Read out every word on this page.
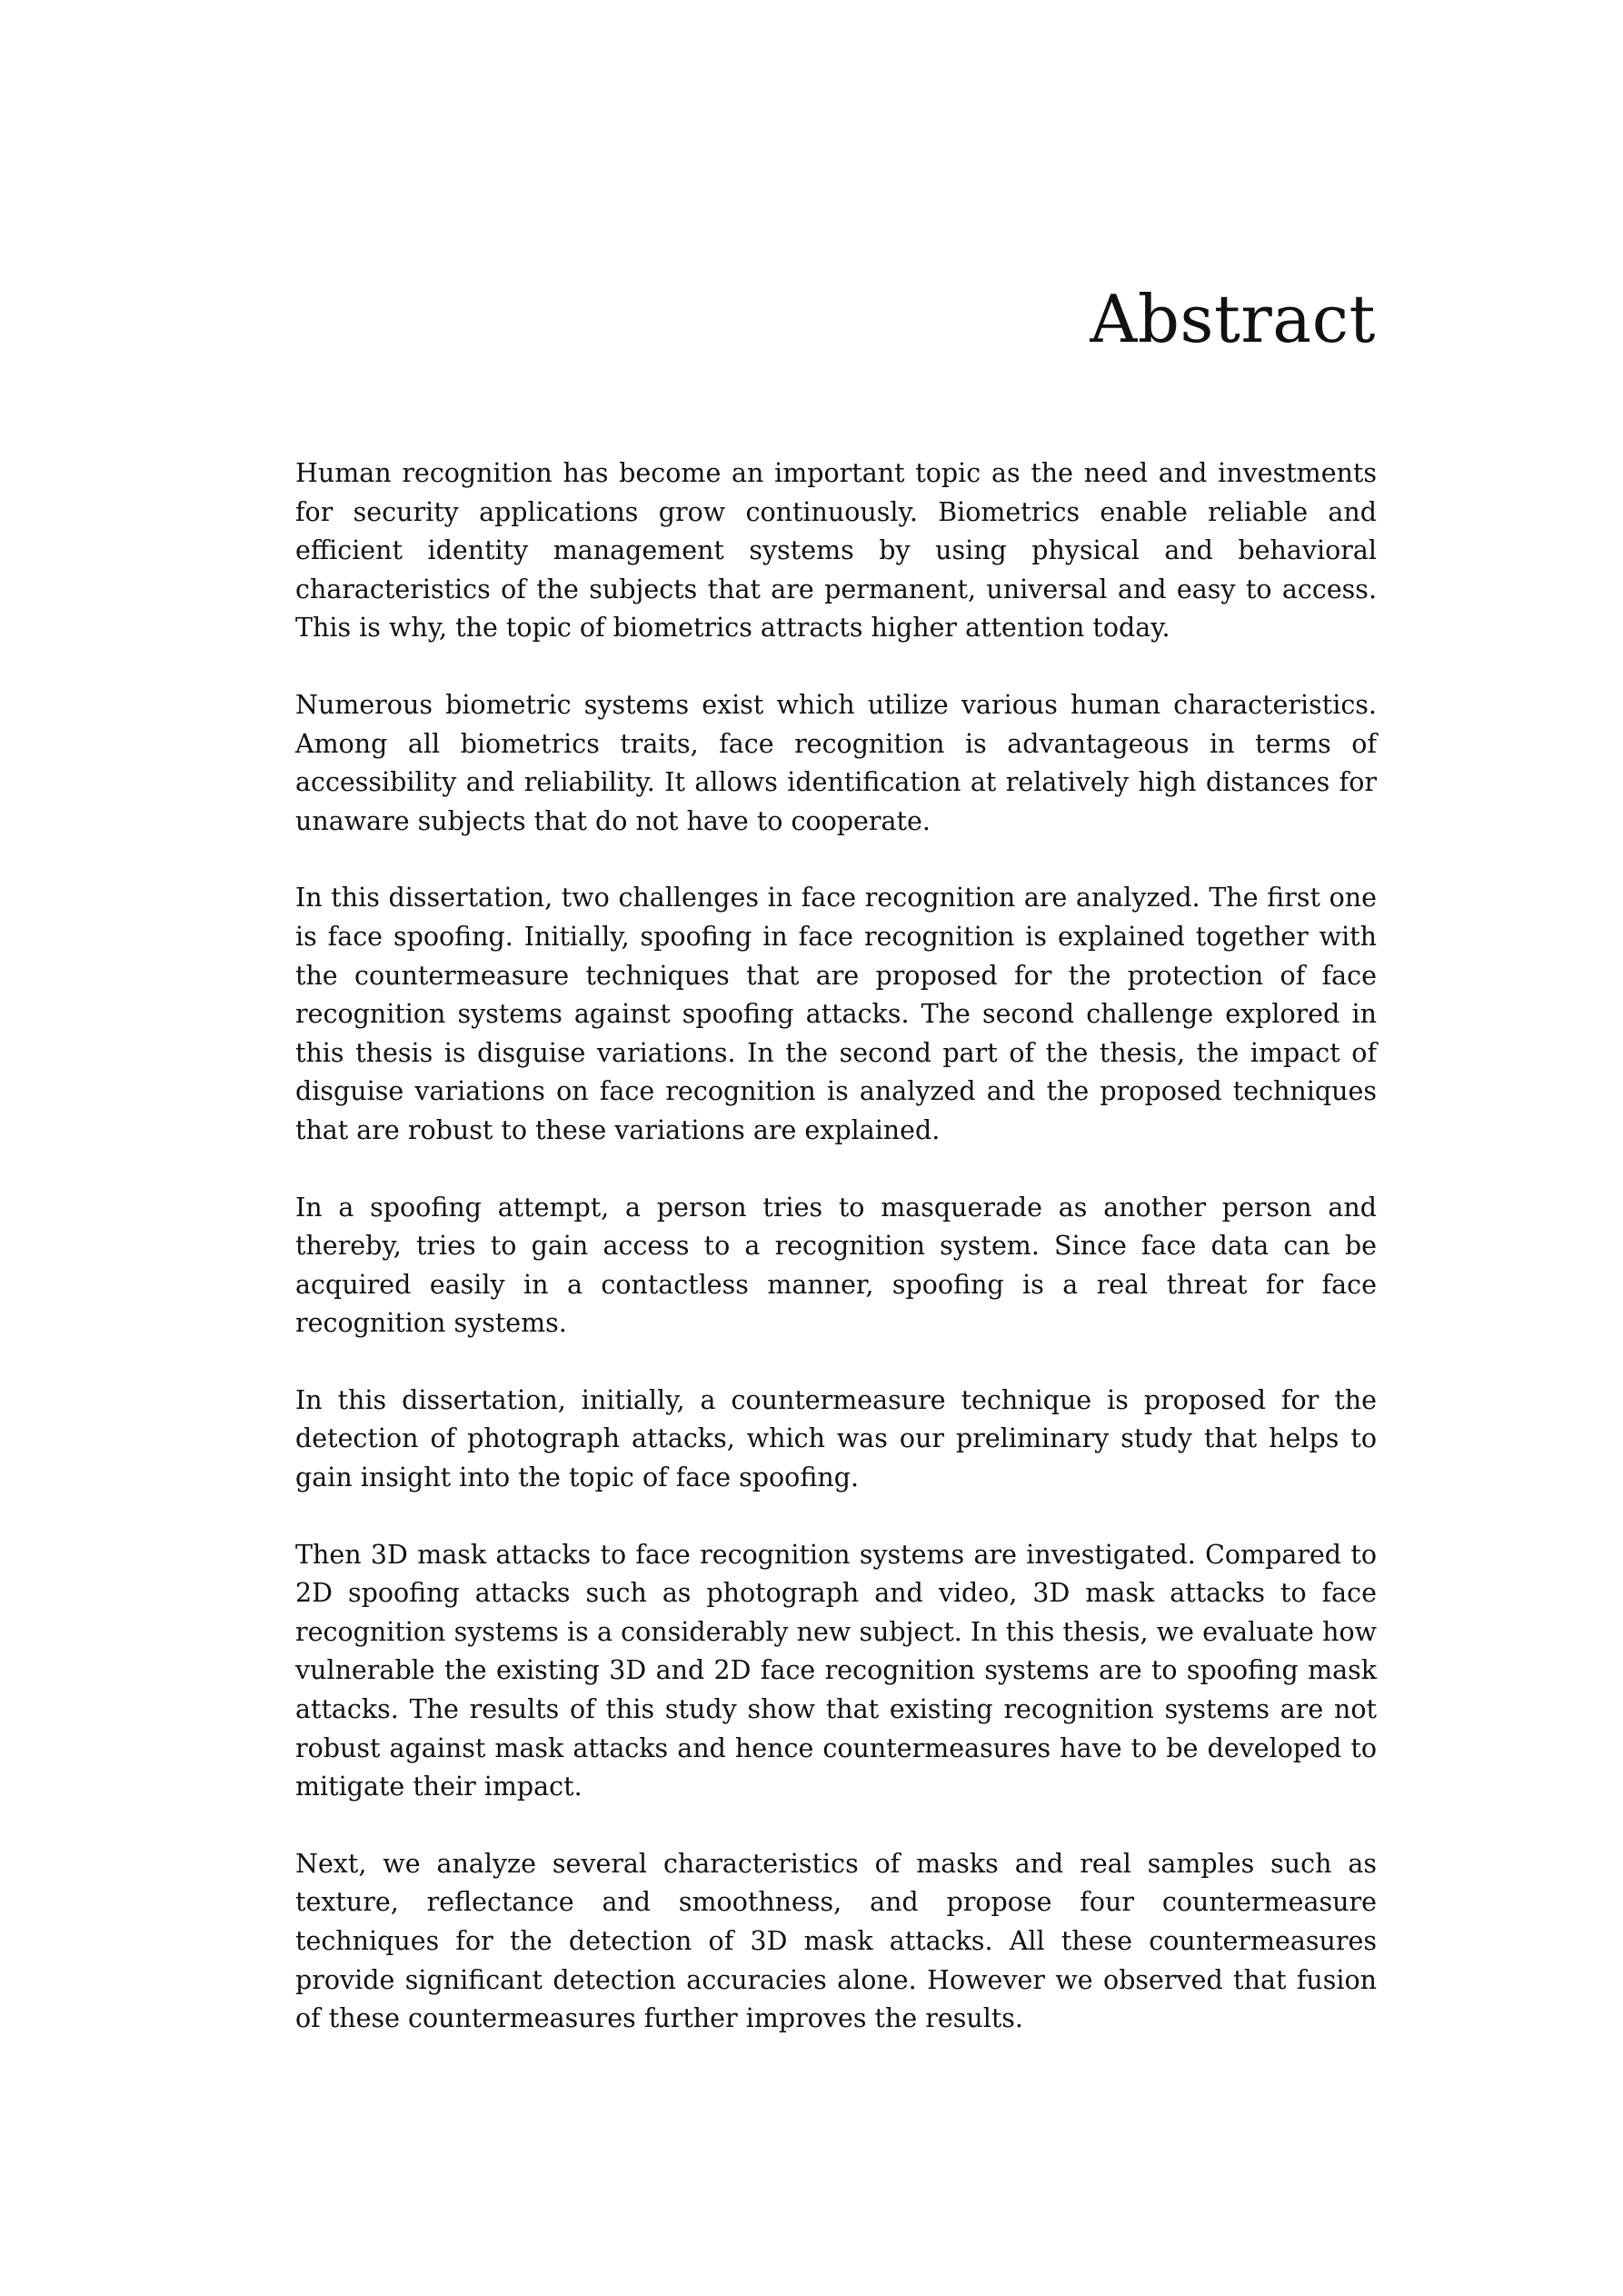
Abstract

Human recognition has become an important topic as the need and investments for security applications grow continuously. Biometrics enable reliable and efficient identity management systems by using physical and behavioral characteristics of the subjects that are permanent, universal and easy to access. This is why, the topic of biometrics attracts higher attention today.

Numerous biometric systems exist which utilize various human characteristics. Among all biometrics traits, face recognition is advantageous in terms of accessibility and reliability. It allows identification at relatively high distances for unaware subjects that do not have to cooperate.

In this dissertation, two challenges in face recognition are analyzed. The first one is face spoofing. Initially, spoofing in face recognition is explained together with the countermeasure techniques that are proposed for the protection of face recognition systems against spoofing attacks. The second challenge explored in this thesis is disguise variations. In the second part of the thesis, the impact of disguise variations on face recognition is analyzed and the proposed techniques that are robust to these variations are explained.

In a spoofing attempt, a person tries to masquerade as another person and thereby, tries to gain access to a recognition system. Since face data can be acquired easily in a contactless manner, spoofing is a real threat for face recognition systems.

In this dissertation, initially, a countermeasure technique is proposed for the detection of photograph attacks, which was our preliminary study that helps to gain insight into the topic of face spoofing.

Then 3D mask attacks to face recognition systems are investigated. Compared to 2D spoofing attacks such as photograph and video, 3D mask attacks to face recognition systems is a considerably new subject. In this thesis, we evaluate how vulnerable the existing 3D and 2D face recognition systems are to spoofing mask attacks. The results of this study show that existing recognition systems are not robust against mask attacks and hence countermeasures have to be developed to mitigate their impact.

Next, we analyze several characteristics of masks and real samples such as texture, reflectance and smoothness, and propose four countermeasure techniques for the detection of 3D mask attacks. All these countermeasures provide significant detection accuracies alone. However we observed that fusion of these countermeasures further improves the results.
